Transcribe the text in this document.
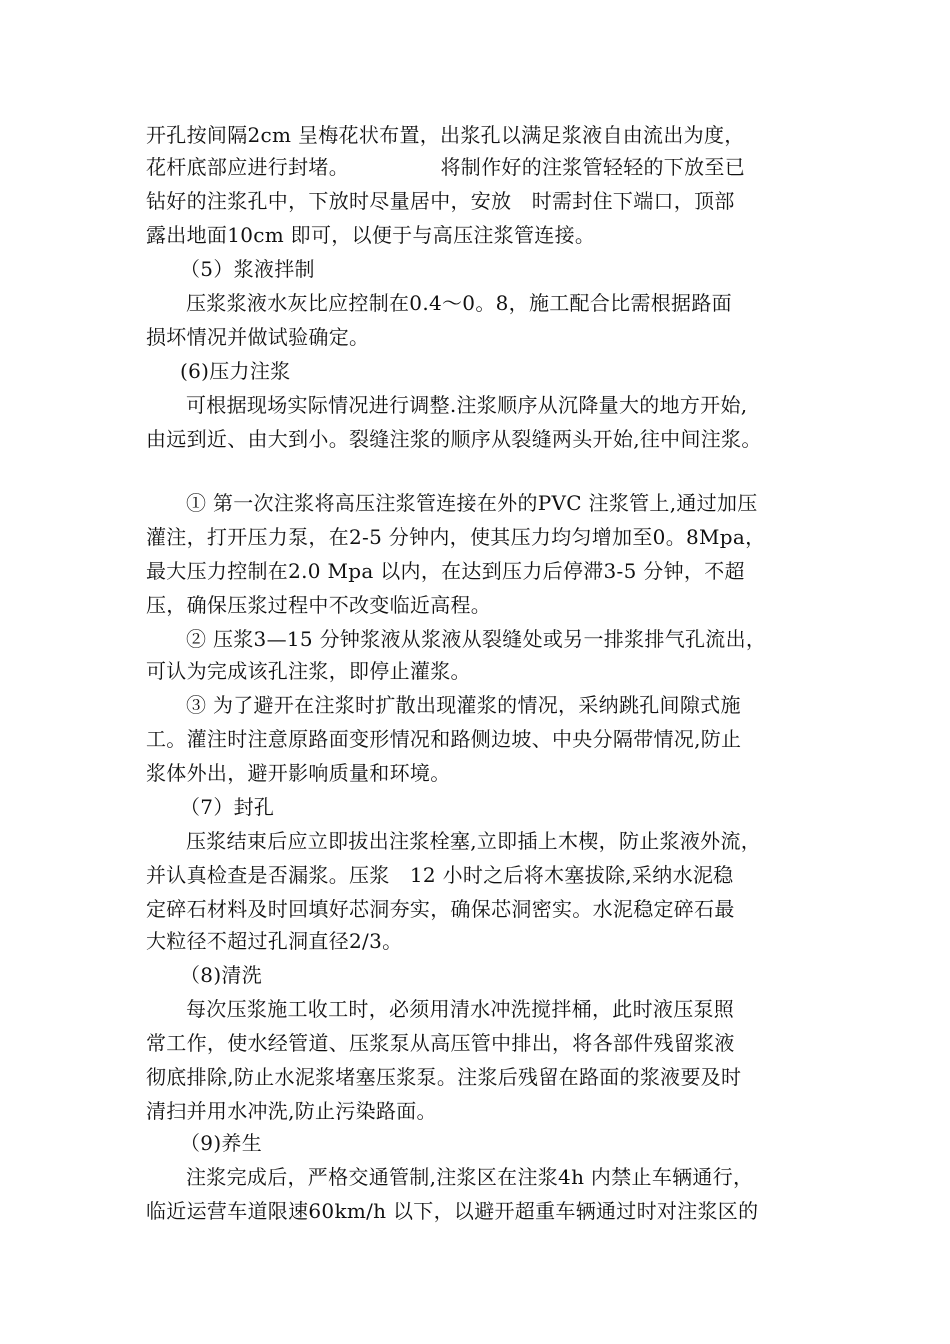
开孔按间隔2cm 呈梅花状布置，出浆孔以满足浆液自由流出为度，
花杆底部应进行封堵。　　　　　将制作好的注浆管轻轻的下放至已
钻好的注浆孔中，下放时尽量居中，安放　时需封住下端口，顶部
露出地面10cm 即可，以便于与高压注浆管连接。
（5）浆液拌制
压浆浆液水灰比应控制在0.4～0。8，施工配合比需根据路面
损坏情况并做试验确定。
(6)压力注浆
可根据现场实际情况进行调整.注浆顺序从沉降量大的地方开始,
由远到近、由大到小。裂缝注浆的顺序从裂缝两头开始,往中间注浆。
① 第一次注浆将高压注浆管连接在外的PVC 注浆管上,通过加压
灌注，打开压力泵，在2-5 分钟内，使其压力均匀增加至0。8Mpa，
最大压力控制在2.0 Mpa 以内，在达到压力后停滞3-5 分钟，不超
压，确保压浆过程中不改变临近高程。
② 压浆3—15 分钟浆液从浆液从裂缝处或另一排浆排气孔流出，
可认为完成该孔注浆，即停止灌浆。
③ 为了避开在注浆时扩散出现灌浆的情况，采纳跳孔间隙式施
工。灌注时注意原路面变形情况和路侧边坡、中央分隔带情况,防止
浆体外出，避开影响质量和环境。
（7）封孔
压浆结束后应立即拔出注浆栓塞,立即插上木楔，防止浆液外流，
并认真检查是否漏浆。压浆　12 小时之后将木塞拔除,采纳水泥稳
定碎石材料及时回填好芯洞夯实，确保芯洞密实。水泥稳定碎石最
大粒径不超过孔洞直径2/3。
（8)清洗
每次压浆施工收工时，必须用清水冲洗搅拌桶，此时液压泵照
常工作，使水经管道、压浆泵从高压管中排出，将各部件残留浆液
彻底排除,防止水泥浆堵塞压浆泵。注浆后残留在路面的浆液要及时
清扫并用水冲洗,防止污染路面。
（9)养生
注浆完成后，严格交通管制,注浆区在注浆4h 内禁止车辆通行，
临近运营车道限速60km/h 以下，以避开超重车辆通过时对注浆区的
